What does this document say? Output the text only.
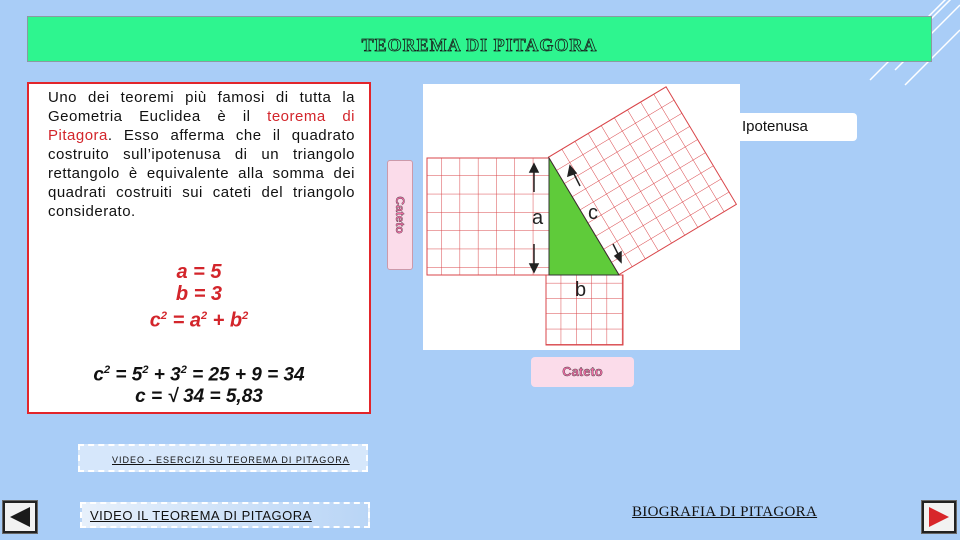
TEOREMA DI PITAGORA
Uno dei teoremi più famosi di tutta la Geometria Euclidea è il teorema di Pitagora. Esso afferma che il quadrato costruito sull’ipotenusa di un triangolo rettangolo è equivalente alla somma dei quadrati costruiti sui cateti del triangolo considerato.
a = 5
b = 3
$c^2 = a^2 + b^2$
$c^2 = 5^2 + 3^2 = 25 + 9 = 34$
c = √ 34 = 5,83
a c
b
Ipotenusa
Cateto
Cateto
VIDEO - ESERCIZI SU TEOREMA DI PITAGORA
VIDEO IL TEOREMA DI PITAGORA	BIOGRAFIA DI PITAGORA
